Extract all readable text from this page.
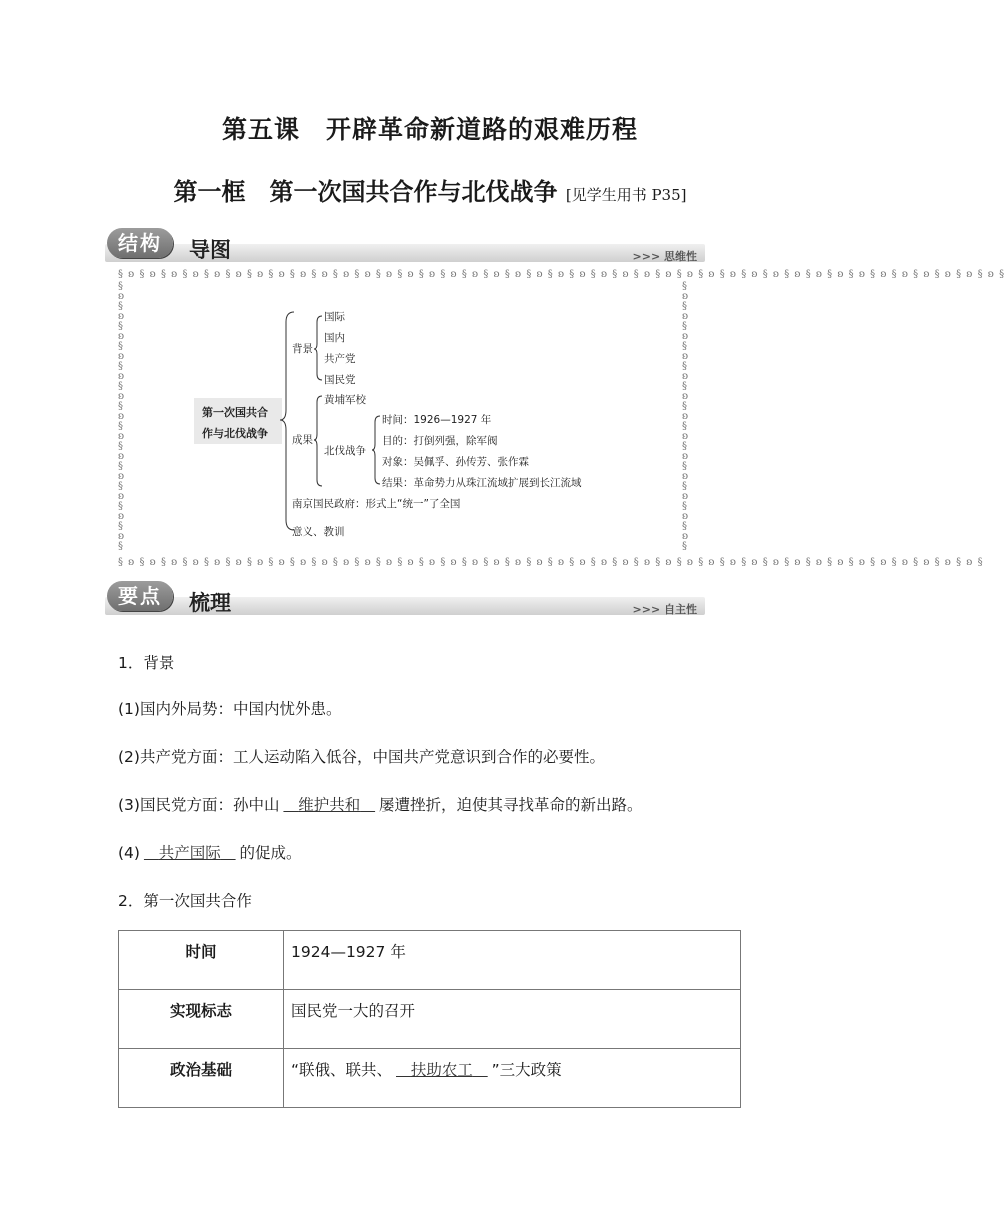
第五课　开辟革命新道路的艰难历程
第一框　第一次国共合作与北伐战争 [见学生用书 P35]
结构	导图	>>> 思维性
§ ʚ § ʚ § ʚ § ʚ § ʚ § ʚ § ʚ § ʚ § ʚ § ʚ § ʚ § ʚ § ʚ § ʚ § ʚ § ʚ § ʚ § ʚ § ʚ § ʚ § ʚ § ʚ § ʚ § ʚ § ʚ § ʚ § ʚ § ʚ § ʚ § ʚ § ʚ § ʚ § ʚ § ʚ § ʚ § ʚ § ʚ § ʚ § ʚ § ʚ § ʚ §
§ ʚ § ʚ § ʚ § ʚ § ʚ § ʚ § ʚ § ʚ § ʚ § ʚ § ʚ § ʚ § ʚ § ʚ § ʚ § ʚ § ʚ § ʚ § ʚ § ʚ § ʚ § ʚ § ʚ § ʚ § ʚ § ʚ § ʚ § ʚ § ʚ § ʚ § ʚ § ʚ § ʚ § ʚ § ʚ § ʚ § ʚ § ʚ § ʚ § ʚ §
§ʚ§ʚ§ʚ§ʚ§ʚ§ʚ§ʚ§ʚ§ʚ§ʚ§ʚ§ʚ§ʚ§
§ʚ§ʚ§ʚ§ʚ§ʚ§ʚ§ʚ§ʚ§ʚ§ʚ§ʚ§ʚ§ʚ§
第一次国共合
作与北伐战争
背景
国际
国内
共产党
国民党
成果
黄埔军校
北伐战争
时间：1926—1927 年
目的：打倒列强，除军阀
对象：吴佩孚、孙传芳、张作霖
结果：革命势力从珠江流域扩展到长江流域
南京国民政府：形式上“统一”了全国
意义、教训
要点	梳理	>>> 自主性
1．背景
(1)国内外局势：中国内忧外患。
(2)共产党方面：工人运动陷入低谷，中国共产党意识到合作的必要性。
(3)国民党方面：孙中山 维护共和 屡遭挫折，迫使其寻找革命的新出路。
(4) 共产国际 的促成。
2．第一次国共合作
时间	1924—1927 年
实现标志	国民党一大的召开
政治基础	“联俄、联共、 扶助农工 ”三大政策
